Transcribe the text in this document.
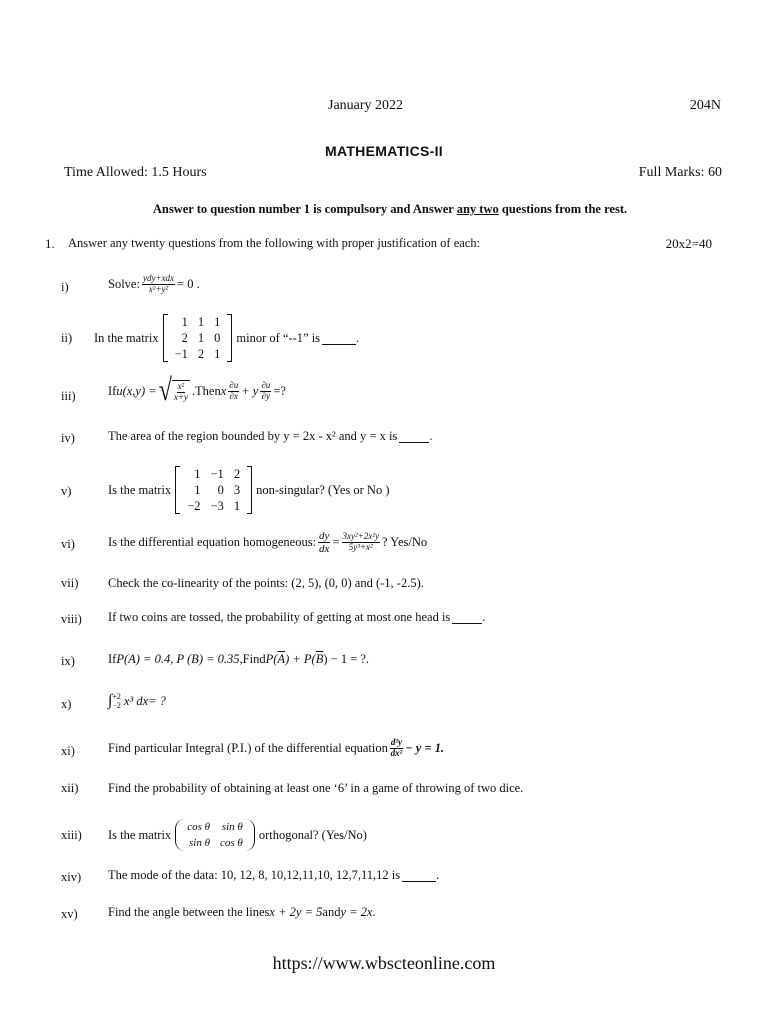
January 2022	204N
MATHEMATICS-II
Time Allowed: 1.5 Hours	Full Marks: 60
Answer to question number 1 is compulsory and Answer any two questions from the rest.
1. Answer any twenty questions from the following with proper justification of each:	20x2=40
i)	Solve: $\frac{\text{ydy+xdx}}{\text{x²+y²}} = 0$ .
ii) In the matrix
1 1 1
2 1 0
−1 2 1
minor of “--1” is	.
iii)	If u(x,y) = √ $\frac{\text{x²}}{x+y}$ .Then x $\frac{\partial u}{\partial x} + y \frac{\partial u}{\partial y}$ =?
iv)	The area of the region bounded by y = 2x - x² and y = x is	.
v)	Is the matrix
1 −1 2
1	0 3
−2 −3 1
non-singular? (Yes or No )
vi)	Is the differential equation homogeneous: $\frac{dy}{dx} = \frac{\text{3xy²+2x²y}}{\text{5y³+x²}}$ ? Yes/No
vii) Check the co-linearity of the points: (2, 5), (0, 0) and (-1, -2.5).
viii) If two coins are tossed, the probability of getting at most one head is	.
ix)	If P(A) = 0.4, P (B) = 0.35, Find $P(\overline{A}) + P(\overline{B}) - 1$ = ?.
x) ∫ +2
−2 x³ dx= ?
xi)	Find particular Integral (P.I.) of the differential equation $\frac{\text{d²y}}{\text{dx²}} - y = 1$.
xii) Find the probability of obtaining at least one ‘6’ in a game of throwing of two dice.
xiii) Is the matrix
cos θ	sin θ
sin θ cos θ
orthogonal? (Yes/No)
xiv) The mode of the data: 10, 12, 8, 10,12,11,10, 12,7,11,12 is	.
xv) Find the angle between the lines x + 2y = 5 and y = 2x .
https://www.wbscteonline.com
